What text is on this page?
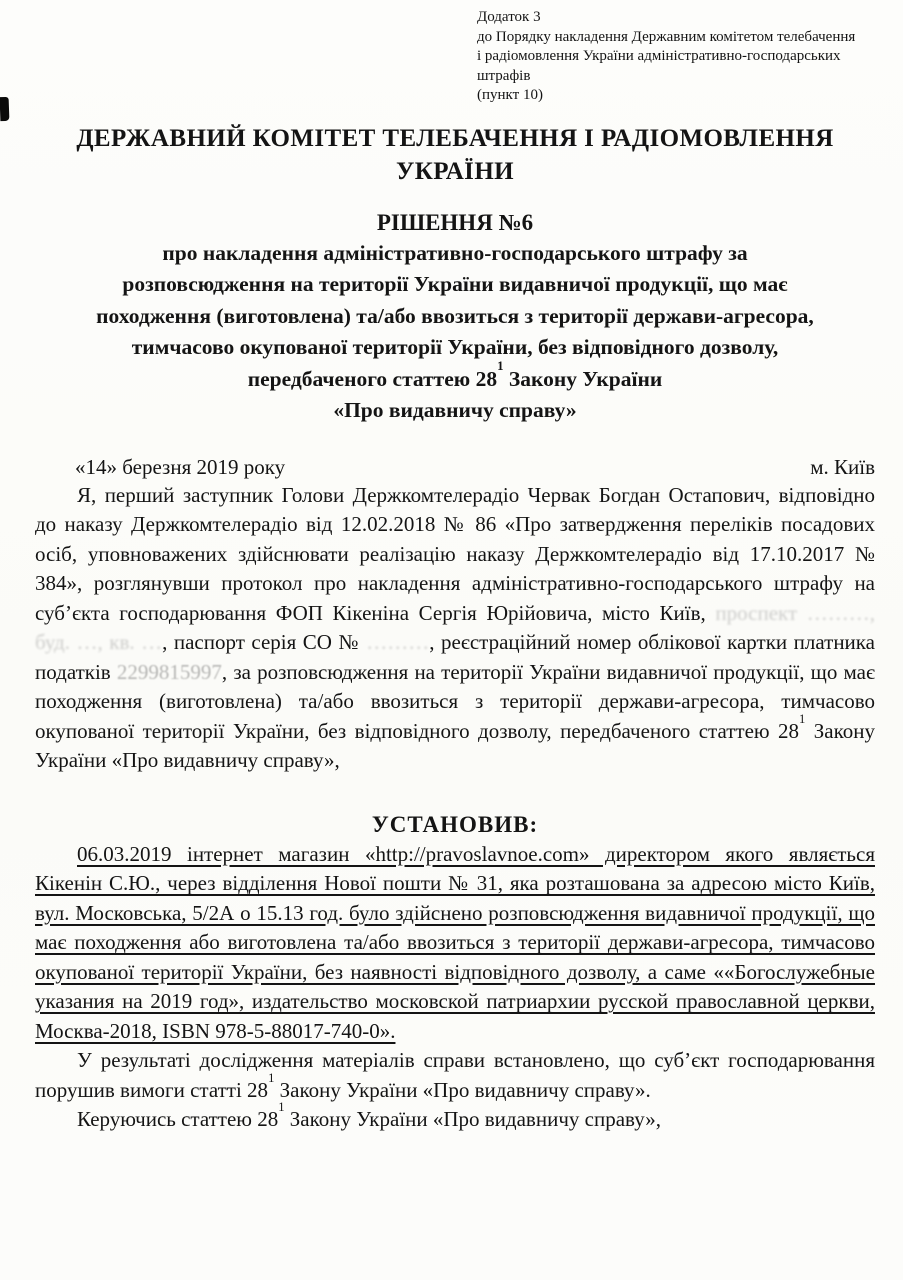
Додаток 3
до Порядку накладення Державним комітетом телебачення
і радіомовлення України адміністративно-господарських штрафів
(пункт 10)
ДЕРЖАВНИЙ КОМІТЕТ ТЕЛЕБАЧЕННЯ І РАДІОМОВЛЕННЯ
УКРАЇНИ
РІШЕННЯ №6
про накладення адміністративно-господарського штрафу за
розповсюдження на території України видавничої продукції, що має
походження (виготовлена) та/або ввозиться з території держави-агресора,
тимчасово окупованої території України, без відповідного дозволу,
передбаченого статтею $28^1$ Закону України
«Про видавничу справу»
«14» березня 2019 року	м. Київ

Я, перший заступник Голови Держкомтелерадіо Червак Богдан Остапович, відповідно до наказу Держкомтелерадіо від 12.02.2018 № 86 «Про затвердження переліків посадових осіб, уповноважених здійснювати реалізацію наказу Держкомтелерадіо від 17.10.2017 № 384», розглянувши протокол про накладення адміністративно-господарського штрафу на суб’єкта господарювання ФОП Кікеніна Сергія Юрійовича, місто Київ, проспект ………, буд. …, кв. …, паспорт серія СО № ………, реєстраційний номер облікової картки платника податків 2299815997, за розповсюдження на території України видавничої продукції, що має походження (виготовлена) та/або ввозиться з території держави-агресора, тимчасово окупованої території України, без відповідного дозволу, передбаченого статтею $28^1$ Закону України «Про видавничу справу»,

УСТАНОВИВ:

06.03.2019 інтернет магазин «http://pravoslavnoe.com» директором якого являється Кікенін С.Ю., через відділення Нової пошти № 31, яка розташована за адресою місто Київ, вул. Московська, 5/2А о 15.13 год. було здійснено розповсюдження видавничої продукції, що має походження або виготовлена та/або ввозиться з території держави-агресора, тимчасово окупованої території України, без наявності відповідного дозволу, а саме ««Богослужебные указания на 2019 год», издательство московской патриархии русской православной церкви, Москва-2018, ISBN 978-5-88017-740-0».

У результаті дослідження матеріалів справи встановлено, що суб’єкт господарювання порушив вимоги статті $28^1$ Закону України «Про видавничу справу».

Керуючись статтею $28^1$ Закону України «Про видавничу справу»,
